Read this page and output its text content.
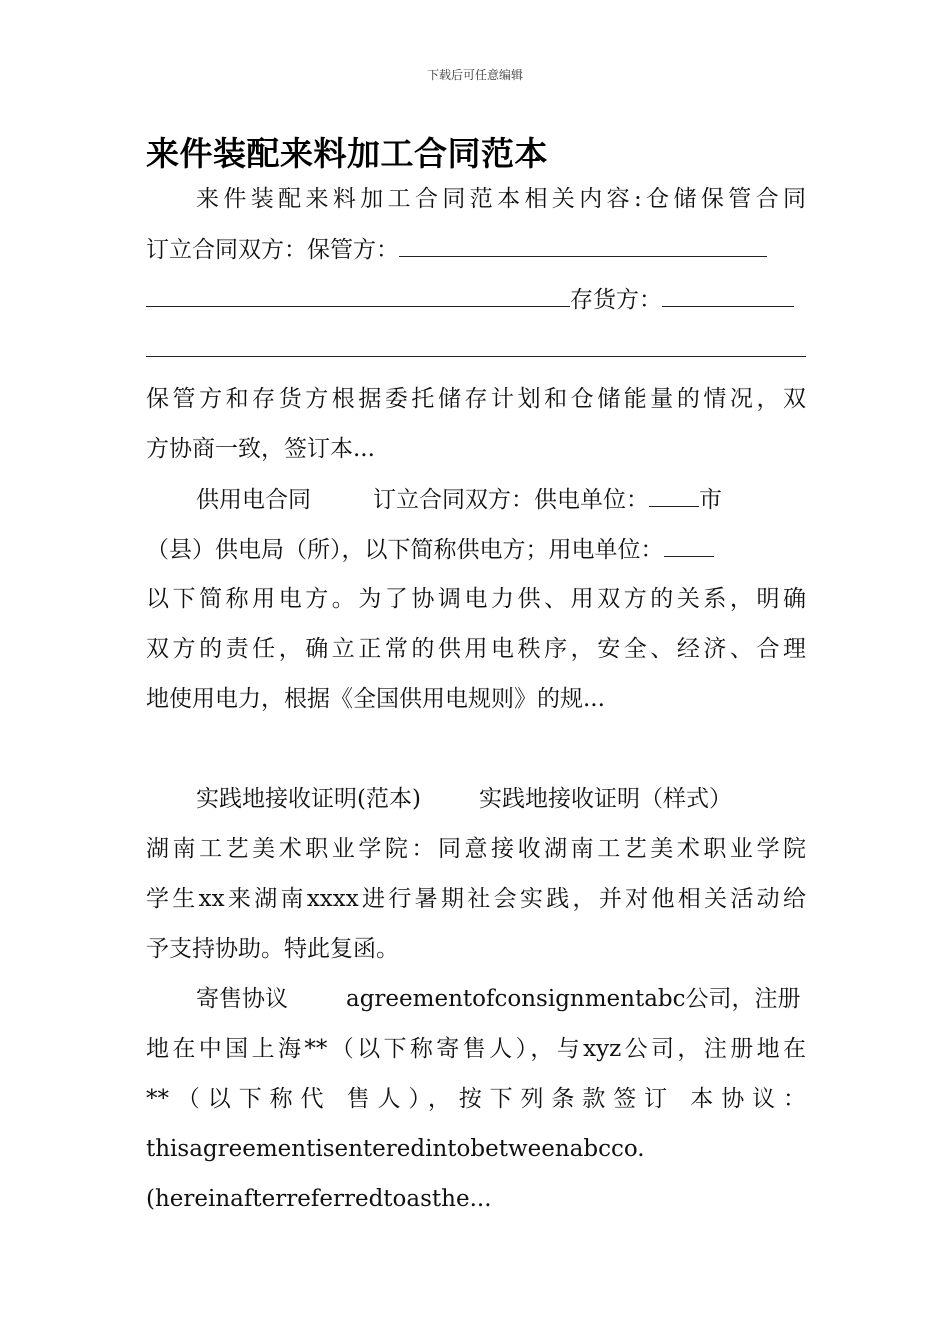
下载后可任意编辑
来件装配来料加工合同范本
来件装配来料加工合同范本相关内容:仓储保管合同
订立合同双方：保管方：
存货方：
保管方和存货方根据委托储存计划和仓储能量的情况，双
方协商一致，签订本...
供用电合同	订立合同双方：供电单位： 市
（县）供电局（所），以下简称供电方；用电单位：
以下简称用电方。为了协调电力供、用双方的关系，明确
双方的责任，确立正常的供用电秩序，安全、经济、合理
地使用电力，根据《全国供用电规则》的规...
实践地接收证明(范本)	实践地接收证明（样式）
湖南工艺美术职业学院：同意接收湖南工艺美术职业学院
学生xx来湖南xxxx进行暑期社会实践，并对他相关活动给
予支持协助。特此复函。
寄售协议	agreementofconsignmentabc公司，注册
地在中国上海**（以下称寄售人），与xyz公司，注册地在
**（以下称代 售人），按下列条款签订 本协议：
thisagreementisenteredintobetweenabcco.
(hereinafterreferredtoasthe...
